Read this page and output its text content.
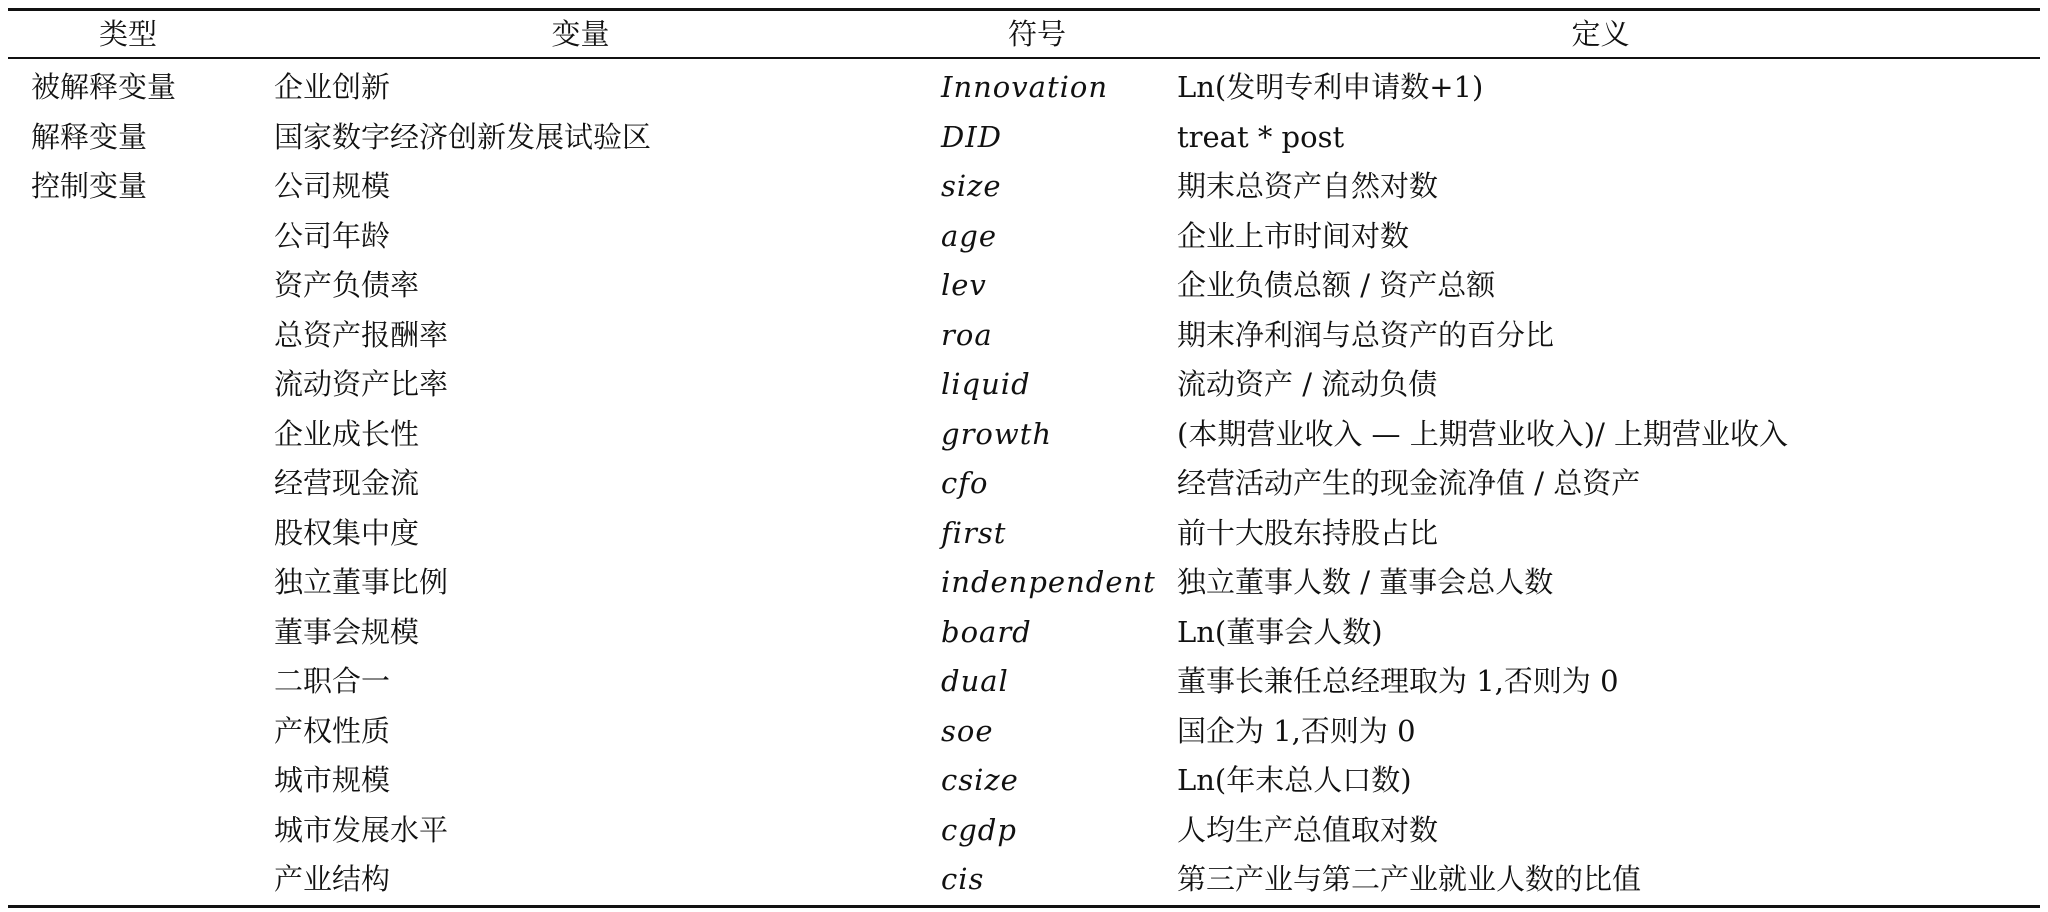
类型	变量	符号	定义
被解释变量	企业创新	Innovation	Ln(发明专利申请数+1)
解释变量	国家数字经济创新发展试验区	DID	treat * post
控制变量	公司规模	size	期末总资产自然对数
	公司年龄	age	企业上市时间对数
	资产负债率	lev	企业负债总额 / 资产总额
	总资产报酬率	roa	期末净利润与总资产的百分比
	流动资产比率	liquid	流动资产 / 流动负债
	企业成长性	growth	(本期营业收入 — 上期营业收入)/ 上期营业收入
	经营现金流	cfo	经营活动产生的现金流净值 / 总资产
	股权集中度	first	前十大股东持股占比
	独立董事比例	indenpendent	独立董事人数 / 董事会总人数
	董事会规模	board	Ln(董事会人数)
	二职合一	dual	董事长兼任总经理取为 1,否则为 0
	产权性质	soe	国企为 1,否则为 0
	城市规模	csize	Ln(年末总人口数)
	城市发展水平	cgdp	人均生产总值取对数
	产业结构	cis	第三产业与第二产业就业人数的比值
